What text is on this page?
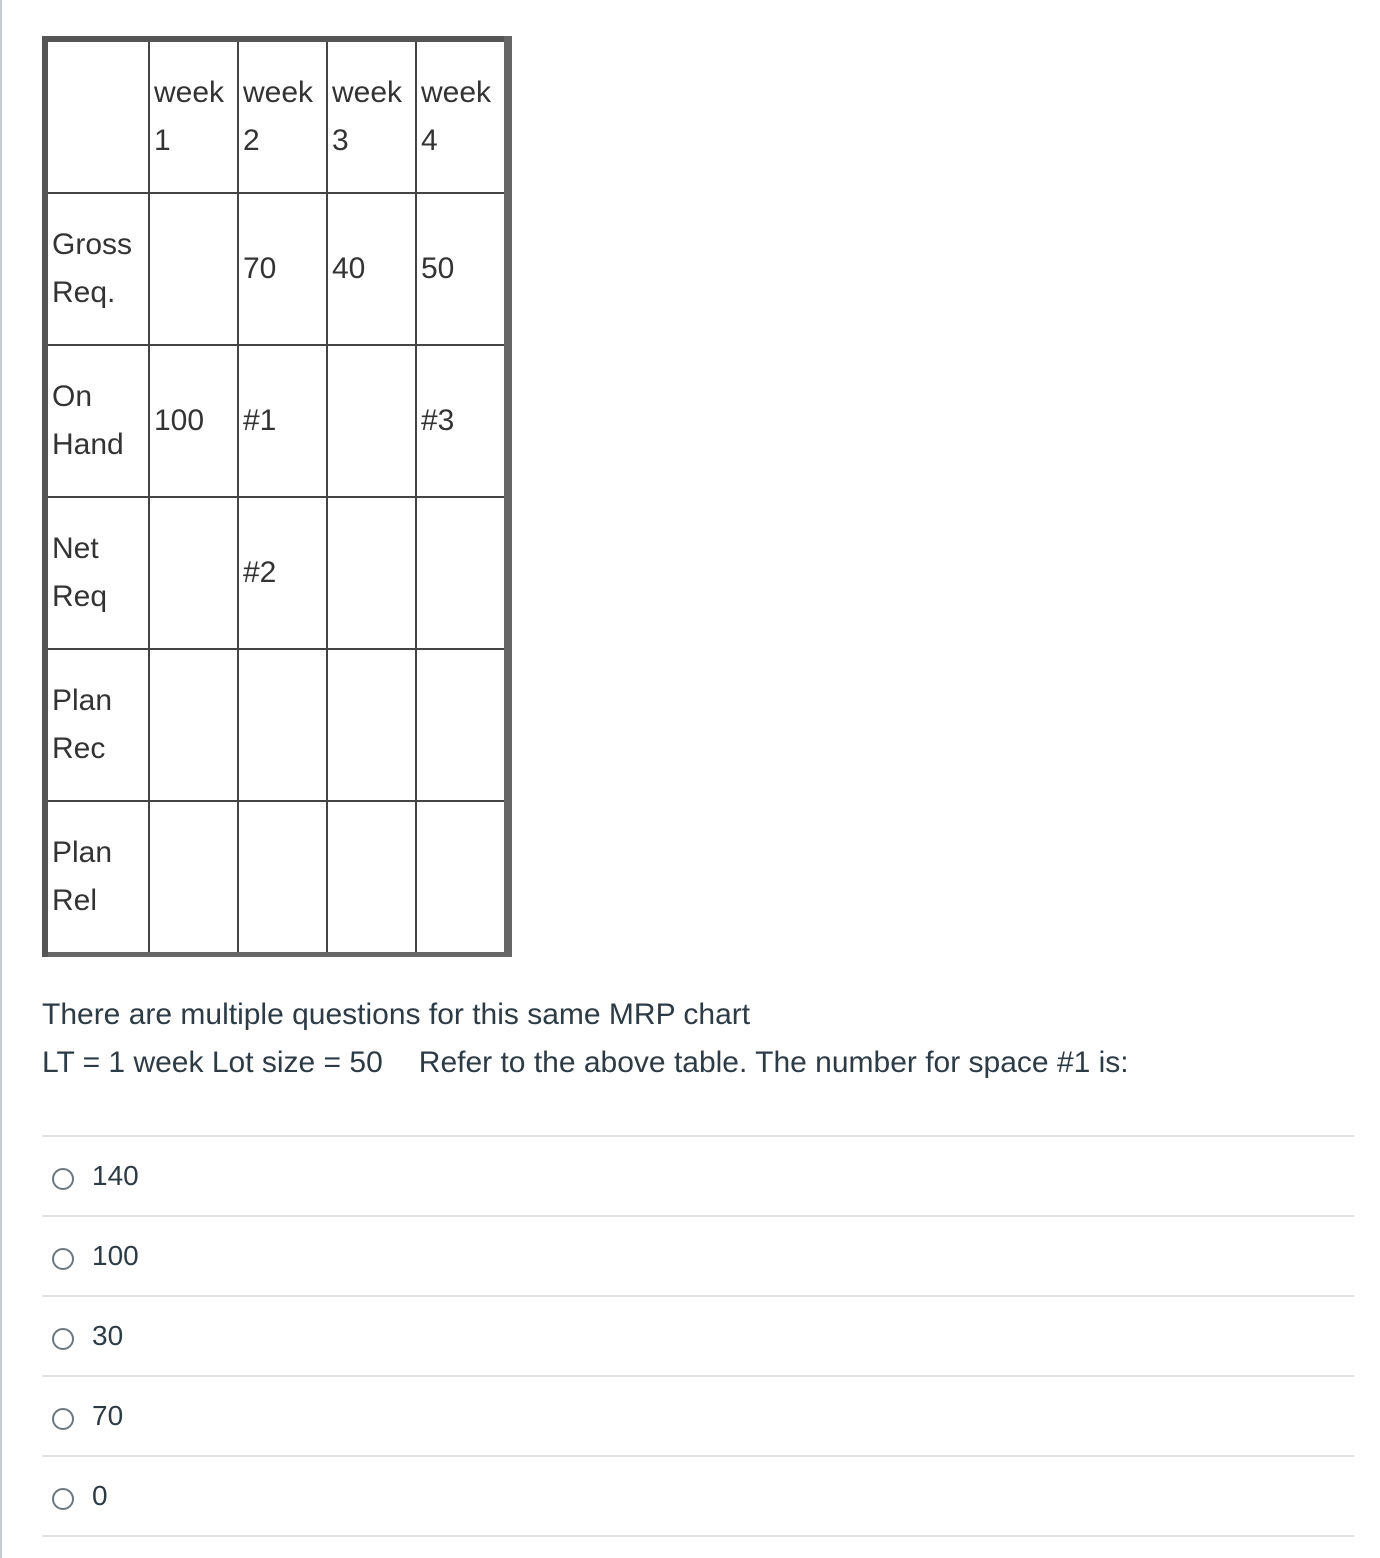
	week 1	week 2	week 3	week 4
Gross Req.		70	40	50
On Hand	100	#1		#3
Net Req		#2		
Plan Rec				
Plan Rel				
There are multiple questions for this same MRP chart
LT = 1 week Lot size = 50 Refer to the above table. The number for space #1 is:
140
100
30
70
0
